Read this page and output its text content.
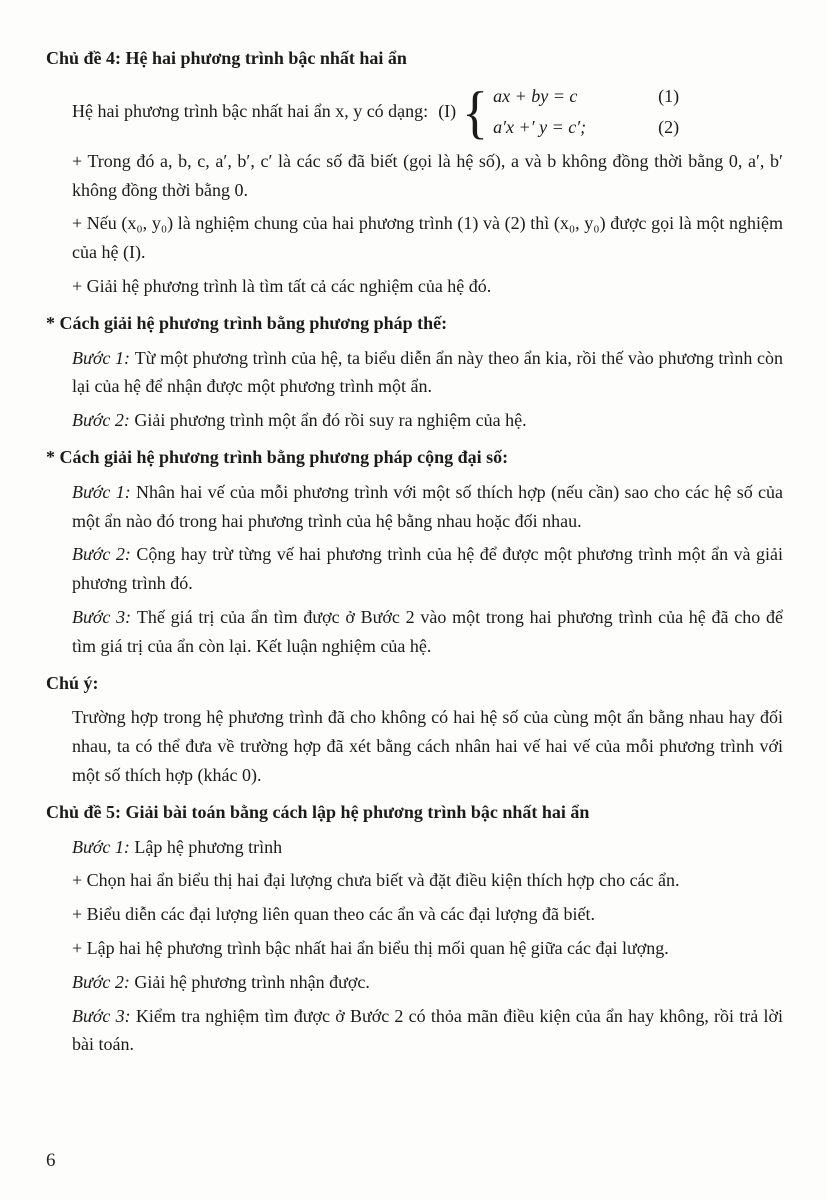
Chủ đề 4: Hệ hai phương trình bậc nhất hai ẩn
Hệ hai phương trình bậc nhất hai ẩn x, y có dạng: (I) { ax + by = c	(1)
a′x +′ y = c′;	(2)
+ Trong đó a, b, c, a′, b′, c′ là các số đã biết (gọi là hệ số), a và b không đồng thời bằng 0, a′, b′ không đồng thời bằng 0.
+ Nếu (x₀, y₀) là nghiệm chung của hai phương trình (1) và (2) thì (x₀, y₀) được gọi là một nghiệm của hệ (I).
+ Giải hệ phương trình là tìm tất cả các nghiệm của hệ đó.
* Cách giải hệ phương trình bằng phương pháp thế:
Bước 1: Từ một phương trình của hệ, ta biểu diễn ẩn này theo ẩn kia, rồi thế vào phương trình còn lại của hệ để nhận được một phương trình một ẩn.
Bước 2: Giải phương trình một ẩn đó rồi suy ra nghiệm của hệ.
* Cách giải hệ phương trình bằng phương pháp cộng đại số:
Bước 1: Nhân hai vế của mỗi phương trình với một số thích hợp (nếu cần) sao cho các hệ số của một ẩn nào đó trong hai phương trình của hệ bằng nhau hoặc đối nhau.
Bước 2: Cộng hay trừ từng vế hai phương trình của hệ để được một phương trình một ẩn và giải phương trình đó.
Bước 3: Thế giá trị của ẩn tìm được ở Bước 2 vào một trong hai phương trình của hệ đã cho để tìm giá trị của ẩn còn lại. Kết luận nghiệm của hệ.
Chú ý:
Trường hợp trong hệ phương trình đã cho không có hai hệ số của cùng một ẩn bằng nhau hay đối nhau, ta có thể đưa về trường hợp đã xét bằng cách nhân hai vế hai vế của mỗi phương trình với một số thích hợp (khác 0).
Chủ đề 5: Giải bài toán bằng cách lập hệ phương trình bậc nhất hai ẩn
Bước 1: Lập hệ phương trình
+ Chọn hai ẩn biểu thị hai đại lượng chưa biết và đặt điều kiện thích hợp cho các ẩn.
+ Biểu diễn các đại lượng liên quan theo các ẩn và các đại lượng đã biết.
+ Lập hai hệ phương trình bậc nhất hai ẩn biểu thị mối quan hệ giữa các đại lượng.
Bước 2: Giải hệ phương trình nhận được.
Bước 3: Kiểm tra nghiệm tìm được ở Bước 2 có thỏa mãn điều kiện của ẩn hay không, rồi trả lời bài toán.
6
